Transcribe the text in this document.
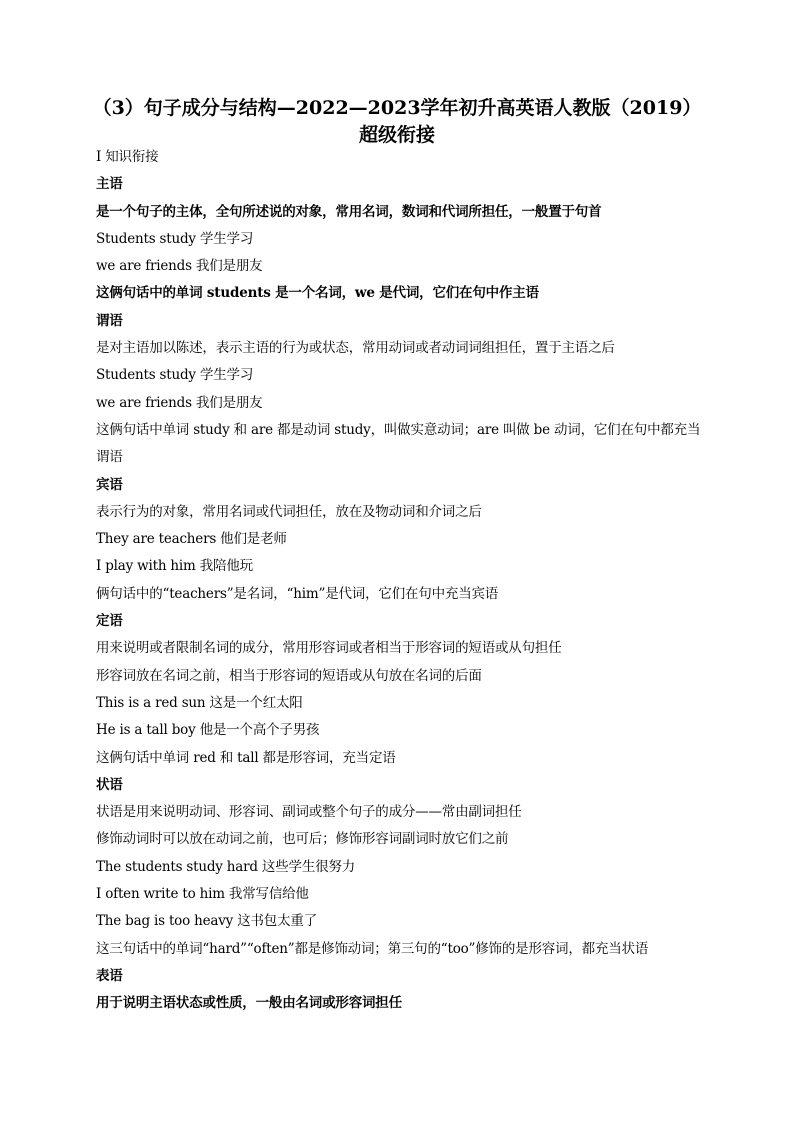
（3）句子成分与结构—2022—2023学年初升高英语人教版（2019）
超级衔接
I 知识衔接
主语
是一个句子的主体，全句所述说的对象，常用名词，数词和代词所担任，一般置于句首
Students study 学生学习
we are friends 我们是朋友
这俩句话中的单词 students 是一个名词，we 是代词，它们在句中作主语
谓语
是对主语加以陈述，表示主语的行为或状态，常用动词或者动词词组担任，置于主语之后
Students study 学生学习
we are friends 我们是朋友
这俩句话中单词 study 和 are 都是动词 study，叫做实意动词；are 叫做 be 动词，它们在句中都充当
谓语
宾语
表示行为的对象，常用名词或代词担任，放在及物动词和介词之后
They are teachers 他们是老师
I play with him 我陪他玩
俩句话中的“teachers”是名词，“him”是代词，它们在句中充当宾语
定语
用来说明或者限制名词的成分，常用形容词或者相当于形容词的短语或从句担任
形容词放在名词之前，相当于形容词的短语或从句放在名词的后面
This is a red sun 这是一个红太阳
He is a tall boy 他是一个高个子男孩
这俩句话中单词 red 和 tall 都是形容词，充当定语
状语
状语是用来说明动词、形容词、副词或整个句子的成分——常由副词担任
修饰动词时可以放在动词之前，也可后；修饰形容词副词时放它们之前
The students study hard 这些学生很努力
I often write to him 我常写信给他
The bag is too heavy 这书包太重了
这三句话中的单词“hard”“often”都是修饰动词；第三句的“too”修饰的是形容词，都充当状语
表语
用于说明主语状态或性质，一般由名词或形容词担任
